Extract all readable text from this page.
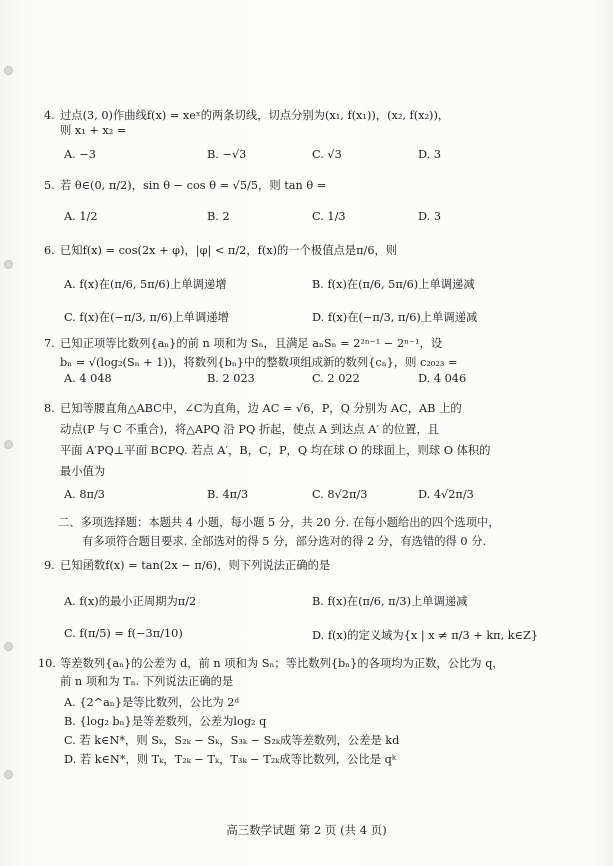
4. 过点(3, 0)作曲线f(x) = xeˣ的两条切线，切点分别为(x₁, f(x₁))，(x₂, f(x₂))，
则 x₁ + x₂ =
A. −3	B. −√3	C. √3	D. 3
5. 若 θ∈(0, π/2)，sin θ − cos θ = √5/5，则 tan θ =
A. 1/2	B. 2	C. 1/3	D. 3
6. 已知f(x) = cos(2x + φ)，|φ| < π/2，f(x)的一个极值点是π/6，则
A. f(x)在(π/6, 5π/6)上单调递增	B. f(x)在(π/6, 5π/6)上单调递减
C. f(x)在(−π/3, π/6)上单调递增	D. f(x)在(−π/3, π/6)上单调递减
7. 已知正项等比数列{aₙ}的前 n 项和为 Sₙ，且满足 aₙSₙ = 2²ⁿ⁻¹ − 2ⁿ⁻¹，设
bₙ = √(log₂(Sₙ + 1))，将数列{bₙ}中的整数项组成新的数列{cₙ}，则 c₂₀₂₃ =
A. 4 048	B. 2 023	C. 2 022	D. 4 046
8. 已知等腰直角△ABC中，∠C为直角，边 AC = √6，P，Q 分别为 AC，AB 上的
动点(P 与 C 不重合)，将△APQ 沿 PQ 折起，使点 A 到达点 A′ 的位置，且
平面 A′PQ⊥平面 BCPQ. 若点 A′，B，C，P，Q 均在球 O 的球面上，则球 O 体积的
最小值为
A. 8π/3	B. 4π/3	C. 8√2π/3	D. 4√2π/3
二、多项选择题：本题共 4 小题，每小题 5 分，共 20 分. 在每小题给出的四个选项中，
有多项符合题目要求. 全部选对的得 5 分，部分选对的得 2 分，有选错的得 0 分.
9. 已知函数f(x) = tan(2x − π/6)，则下列说法正确的是
A. f(x)的最小正周期为π/2	B. f(x)在(π/6, π/3)上单调递减
C. f(π/5) = f(−3π/10)	D. f(x)的定义域为{x | x ≠ π/3 + kπ, k∈Z}
10. 等差数列{aₙ}的公差为 d，前 n 项和为 Sₙ；等比数列{bₙ}的各项均为正数，公比为 q，
前 n 项和为 Tₙ. 下列说法正确的是
A. {2^aₙ}是等比数列，公比为 2ᵈ
B. {log₂ bₙ}是等差数列，公差为log₂ q
C. 若 k∈N*，则 Sₖ，S₂ₖ − Sₖ，S₃ₖ − S₂ₖ成等差数列，公差是 kd
D. 若 k∈N*，则 Tₖ，T₂ₖ − Tₖ，T₃ₖ − T₂ₖ成等比数列，公比是 qᵏ
高三数学试题 第 2 页 (共 4 页)
